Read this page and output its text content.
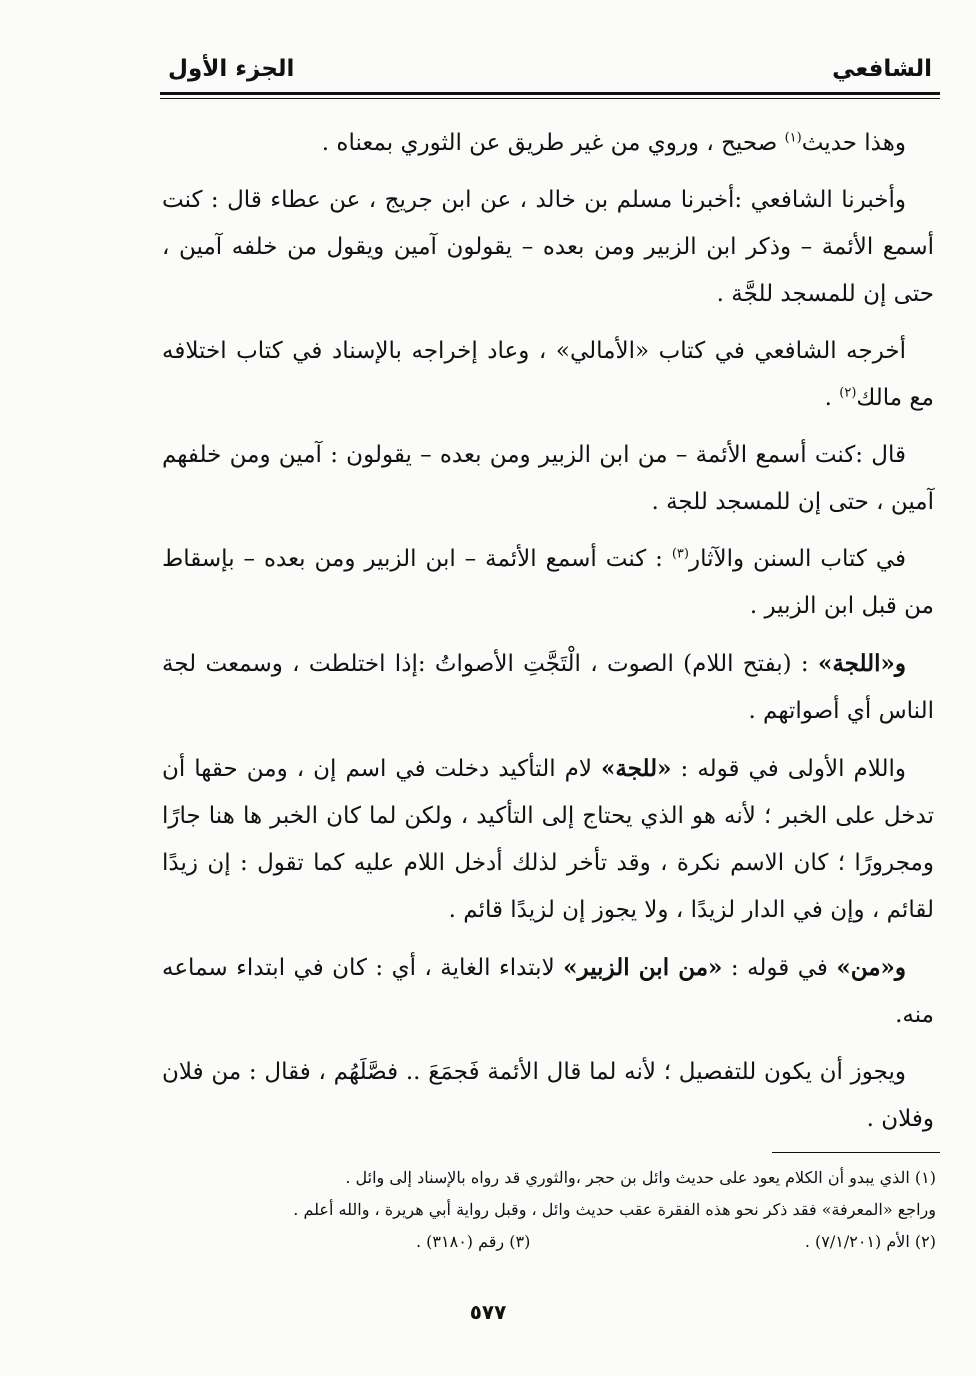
الشافعي
الجزء الأول

وهذا حديث$^{(١)}$ صحيح ، وروي من غير طريق عن الثوري بمعناه .

وأخبرنا الشافعي :أخبرنا مسلم بن خالد ، عن ابن جريج ، عن عطاء قال : كنت أسمع الأئمة – وذكر ابن الزبير ومن بعده – يقولون آمين ويقول من خلفه آمين ، حتى إن للمسجد للجَّة .

أخرجه الشافعي في كتاب «الأمالي» ، وعاد إخراجه بالإسناد في كتاب اختلافه مع مالك$^{(٢)}$ .

قال :كنت أسمع الأئمة – من ابن الزبير ومن بعده – يقولون : آمين ومن خلفهم آمين ، حتى إن للمسجد للجة .

في كتاب السنن والآثار$^{(٣)}$ : كنت أسمع الأئمة – ابن الزبير ومن بعده – بإسقاط من قبل ابن الزبير .

و«اللجة» : (بفتح اللام) الصوت ، الْتَجَّتِ الأصواتُ :إذا اختلطت ، وسمعت لجة الناس أي أصواتهم .

واللام الأولى في قوله : «للجة» لام التأكيد دخلت في اسم إن ، ومن حقها أن تدخل على الخبر ؛ لأنه هو الذي يحتاج إلى التأكيد ، ولكن لما كان الخبر ها هنا جارًا ومجرورًا ؛ كان الاسم نكرة ، وقد تأخر لذلك أدخل اللام عليه كما تقول : إن زيدًا لقائم ، وإن في الدار لزيدًا ، ولا يجوز إن لزيدًا قائم .

و«من» في قوله : «من ابن الزبير» لابتداء الغاية ، أي : كان في ابتداء سماعه منه.

ويجوز أن يكون للتفصيل ؛ لأنه لما قال الأئمة فَجمَعَ .. فصَّلَهُم ، فقال : من فلان وفلان .

(١) الذي يبدو أن الكلام يعود على حديث وائل بن حجر ،والثوري قد رواه بالإسناد إلى وائل .

وراجع «المعرفة» فقد ذكر نحو هذه الفقرة عقب حديث وائل ، وقبل رواية أبي هريرة ، والله أعلم .

(٢) الأم (٧/١/٢٠١) .
(٣) رقم (٣١٨٠) .
٥٧٧
